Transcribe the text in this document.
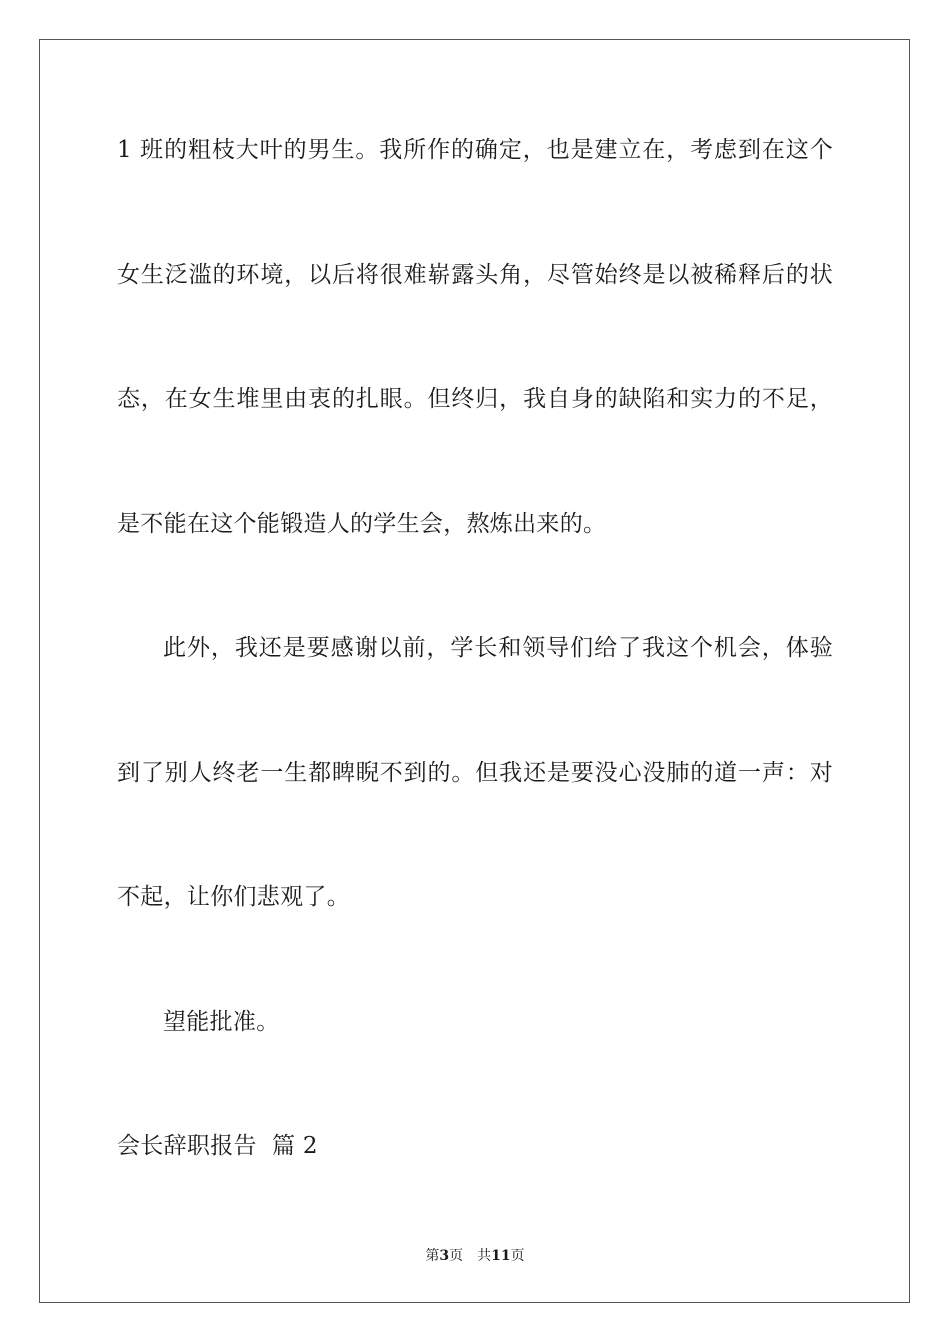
1 班的粗枝大叶的男生。我所作的确定，也是建立在，考虑到在这个
女生泛滥的环境，以后将很难崭露头角，尽管始终是以被稀释后的状
态，在女生堆里由衷的扎眼。但终归，我自身的缺陷和实力的不足，
是不能在这个能锻造人的学生会，熬炼出来的。
此外，我还是要感谢以前，学长和领导们给了我这个机会，体验
到了别人终老一生都睥睨不到的。但我还是要没心没肺的道一声：对
不起，让你们悲观了。
望能批准。
会长辞职报告  篇 2
第3页 共11页
